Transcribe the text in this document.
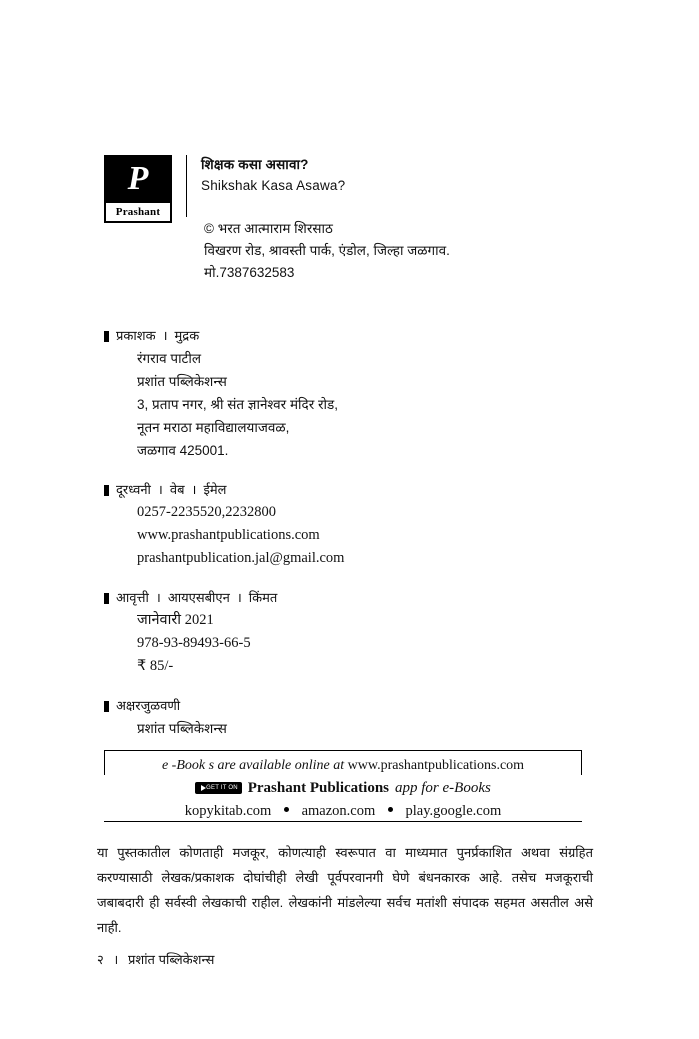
P
Prashant
शिक्षक कसा असावा?
Shikshak Kasa Asawa?
© भरत आत्माराम शिरसाठ
विखरण रोड, श्रावस्ती पार्क, एंडोल, जिल्हा जळगाव.
मो.7387632583
प्रकाशक । मुद्रक
रंगराव पाटील
प्रशांत पब्लिकेशन्स
3, प्रताप नगर, श्री संत ज्ञानेश्वर मंदिर रोड,
नूतन मराठा महाविद्यालयाजवळ,
जळगाव 425001.
दूरध्वनी । वेब । ईमेल
0257-2235520,2232800
www.prashantpublications.com
prashantpublication.jal@gmail.com
आवृत्ती । आयएसबीएन । किंमत
जानेवारी 2021
978-93-89493-66-5
₹ 85/-
अक्षरजुळवणी
प्रशांत पब्लिकेशन्स
e -Book s are available online at www.prashantpublications.com
GET IT ON Prashant Publications app for e-Books
kopykitab.com amazon.com play.google.com
या पुस्तकातील कोणताही मजकूर, कोणत्याही स्वरूपात वा माध्यमात पुनर्प्रकाशित अथवा संग्रहित करण्यासाठी लेखक/प्रकाशक दोघांचीही लेखी पूर्वपरवानगी घेणे बंधनकारक आहे. तसेच मजकूराची जबाबदारी ही सर्वस्वी लेखकाची राहील. लेखकांनी मांडलेल्या सर्वच मतांशी संपादक सहमत असतील असे नाही.
२ । प्रशांत पब्लिकेशन्स
